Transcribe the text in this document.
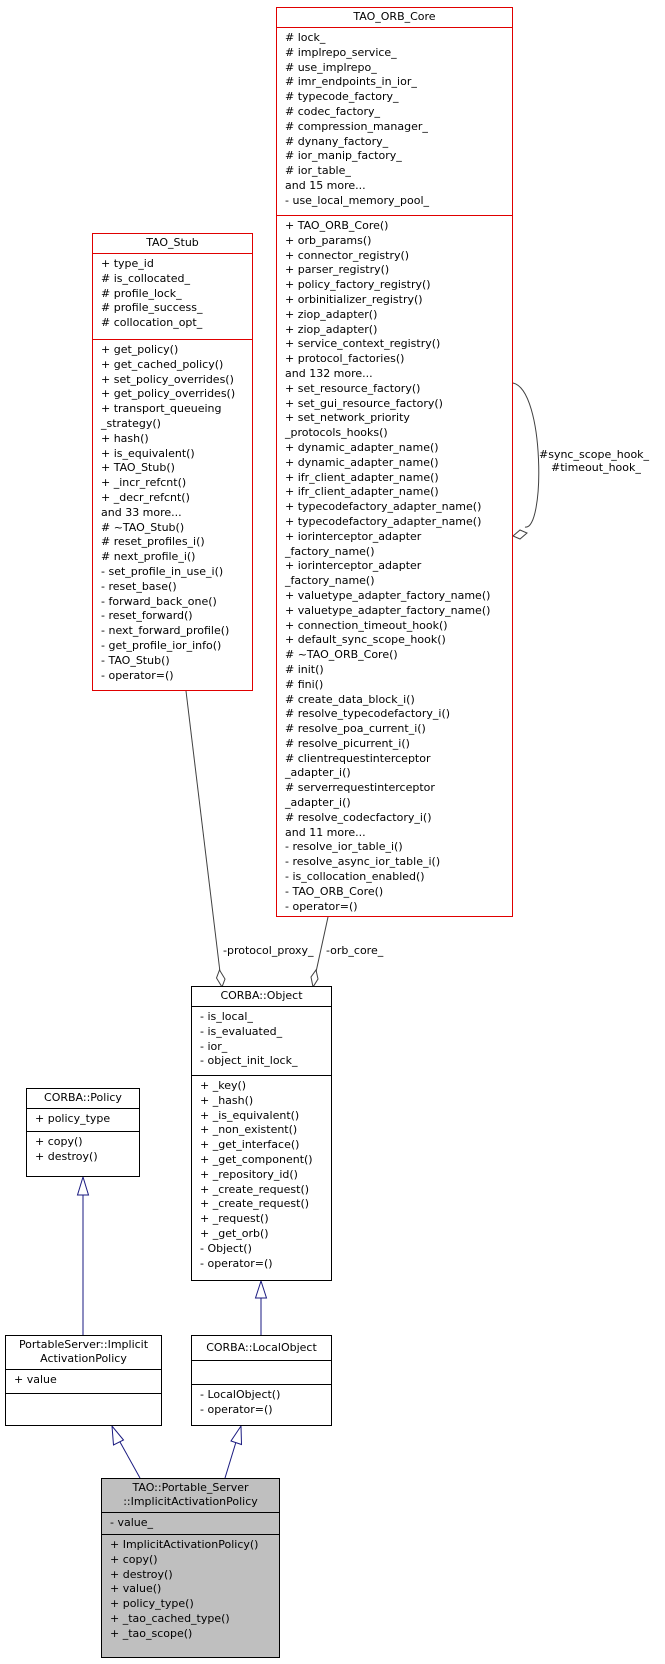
-protocol_proxy_ -orb_core_
#sync_scope_hook_
#timeout_hook_
TAO_ORB_Core
# lock_
# implrepo_service_
# use_implrepo_
# imr_endpoints_in_ior_
# typecode_factory_
# codec_factory_
# compression_manager_
# dynany_factory_
# ior_manip_factory_
# ior_table_
and 15 more...
- use_local_memory_pool_
+ TAO_ORB_Core()
+ orb_params()
+ connector_registry()
+ parser_registry()
+ policy_factory_registry()
+ orbinitializer_registry()
+ ziop_adapter()
+ ziop_adapter()
+ service_context_registry()
+ protocol_factories()
and 132 more...
+ set_resource_factory()
+ set_gui_resource_factory()
+ set_network_priority
_protocols_hooks()
+ dynamic_adapter_name()
+ dynamic_adapter_name()
+ ifr_client_adapter_name()
+ ifr_client_adapter_name()
+ typecodefactory_adapter_name()
+ typecodefactory_adapter_name()
+ iorinterceptor_adapter
_factory_name()
+ iorinterceptor_adapter
_factory_name()
+ valuetype_adapter_factory_name()
+ valuetype_adapter_factory_name()
+ connection_timeout_hook()
+ default_sync_scope_hook()
# ~TAO_ORB_Core()
# init()
# fini()
# create_data_block_i()
# resolve_typecodefactory_i()
# resolve_poa_current_i()
# resolve_picurrent_i()
# clientrequestinterceptor
_adapter_i()
# serverrequestinterceptor
_adapter_i()
# resolve_codecfactory_i()
and 11 more...
- resolve_ior_table_i()
- resolve_async_ior_table_i()
- is_collocation_enabled()
- TAO_ORB_Core()
- operator=()
TAO_Stub
+ type_id
# is_collocated_
# profile_lock_
# profile_success_
# collocation_opt_
+ get_policy()
+ get_cached_policy()
+ set_policy_overrides()
+ get_policy_overrides()
+ transport_queueing
_strategy()
+ hash()
+ is_equivalent()
+ TAO_Stub()
+ _incr_refcnt()
+ _decr_refcnt()
and 33 more...
# ~TAO_Stub()
# reset_profiles_i()
# next_profile_i()
- set_profile_in_use_i()
- reset_base()
- forward_back_one()
- reset_forward()
- next_forward_profile()
- get_profile_ior_info()
- TAO_Stub()
- operator=()
CORBA::Object
- is_local_
- is_evaluated_
- ior_
- object_init_lock_
+ _key()
+ _hash()
+ _is_equivalent()
+ _non_existent()
+ _get_interface()
+ _get_component()
+ _repository_id()
+ _create_request()
+ _create_request()
+ _request()
+ _get_orb()
- Object()
- operator=()
CORBA::Policy
+ policy_type
+ copy()
+ destroy()
PortableServer::Implicit
ActivationPolicy
+ value
CORBA::LocalObject
- LocalObject()
- operator=()
TAO::Portable_Server
::ImplicitActivationPolicy
- value_
+ ImplicitActivationPolicy()
+ copy()
+ destroy()
+ value()
+ policy_type()
+ _tao_cached_type()
+ _tao_scope()
